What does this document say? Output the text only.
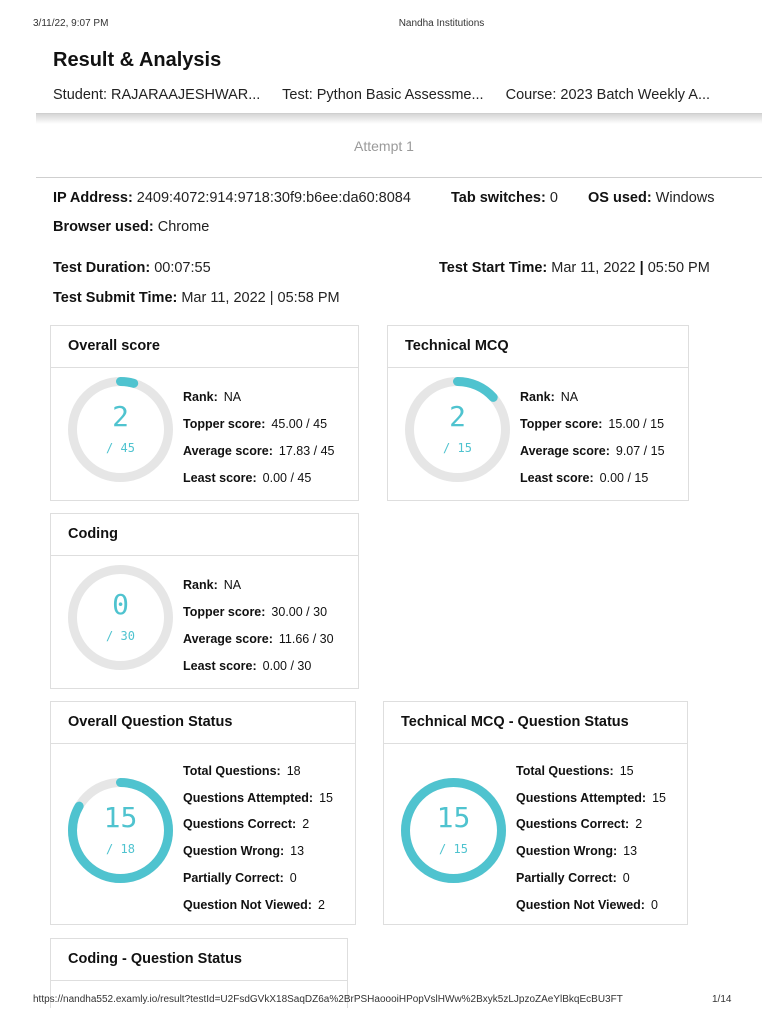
3/11/22, 9:07 PM	Nandha Institutions
Result & Analysis
Student: RAJARAAJESHWAR... Test: Python Basic Assessme... Course: 2023 Batch Weekly A...
Attempt 1
IP Address: 2409:4072:914:9718:30f9:b6ee:da60:8084	Tab switches: 0 OS used: Windows
Browser used: Chrome
Test Duration: 00:07:55	Test Start Time: Mar 11, 2022 | 05:50 PM
Test Submit Time: Mar 11, 2022 | 05:58 PM
Overall score
2
/ 45
Rank: NA
Topper score: 45.00 / 45
Average score: 17.83 / 45
Least score: 0.00 / 45
Technical MCQ
2
/ 15
Rank: NA
Topper score: 15.00 / 15
Average score: 9.07 / 15
Least score: 0.00 / 15
Coding
0
/ 30
Rank: NA
Topper score: 30.00 / 30
Average score: 11.66 / 30
Least score: 0.00 / 30
Overall Question Status
15
/ 18
Total Questions: 18
Questions Attempted: 15
Questions Correct: 2
Question Wrong: 13
Partially Correct: 0
Question Not Viewed: 2
Technical MCQ - Question Status
15
/ 15
Total Questions: 15
Questions Attempted: 15
Questions Correct: 2
Question Wrong: 13
Partially Correct: 0
Question Not Viewed: 0
Coding - Question Status
https://nandha552.examly.io/result?testId=U2FsdGVkX18SaqDZ6a%2BrPSHaoooiHPopVslHWw%2Bxyk5zLJpzoZAeYlBkqEcBU3FT	1/14
